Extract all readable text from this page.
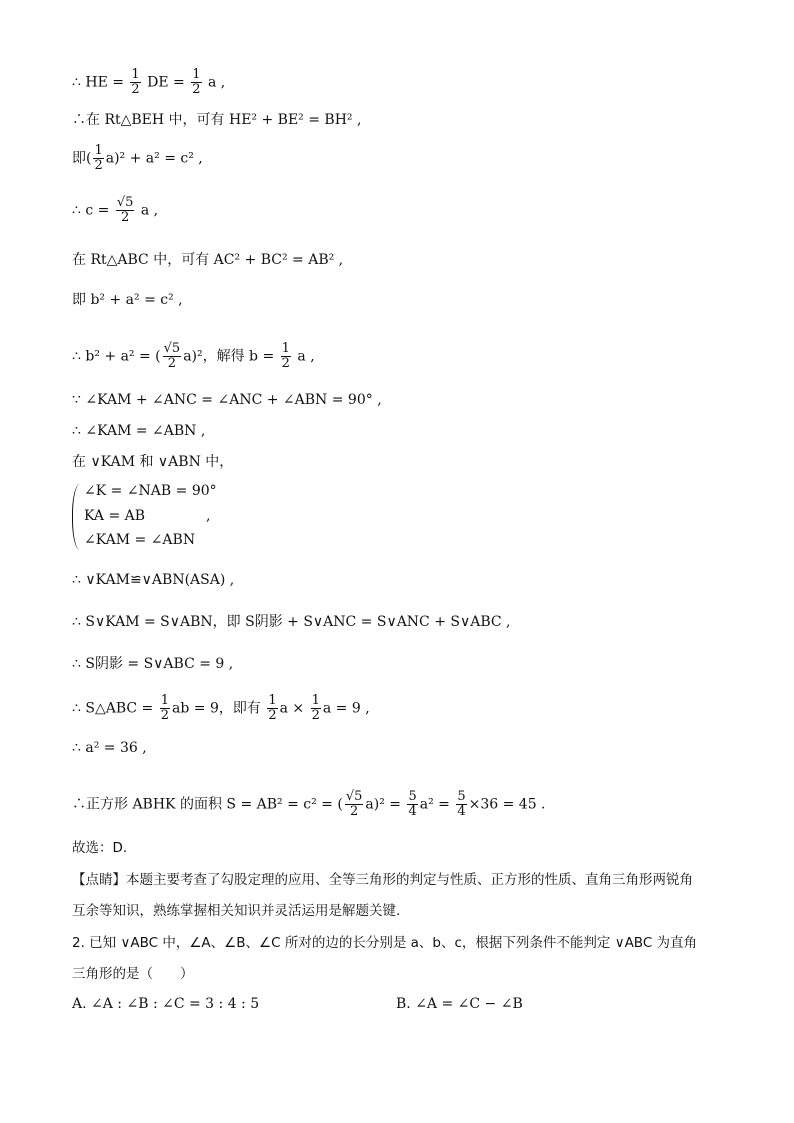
∴ HE = $\frac{1}{2}$ DE = $\frac{1}{2}$ a ,
∴在 Rt△BEH 中，可有 HE² + BE² = BH² ,
即( $\frac{1}{2} a)^2 + a^2 = c^2$ ,
∴ $c = \frac{√5}{2}$ a ,
在 Rt△ABC 中，可有 AC² + BC² = AB² ,
即 b² + a² = c² ,
∴ b² + a² = ( $\frac{√5}{2} a)^2$，解得 $b = \frac{1}{2}$ a ,
∵ ∠KAM + ∠ANC = ∠ANC + ∠ABN = 90° ,
∴ ∠KAM = ∠ABN ,
在 ∨KAM 和 ∨ABN 中，
∠K = ∠NAB = 90°
KA = AB
∠KAM = ∠ABN
,
∴ ∨KAM≌∨ABN(ASA) ,
∴ S∨KAM = S∨ABN，即 S阴影 + S∨ANC = S∨ANC + S∨ABC ,
∴ S阴影 = S∨ABC = 9 ,
∴ S△ABC = $\frac{1}{2}$ ab = 9，即有 $\frac{1}{2}$ $a \times \frac{1}{2}$ a = 9 ,
∴ a² = 36 ,
∴正方形 ABHK 的面积 S = AB² = c² = ( $\frac{√5}{2} a)^2 = \frac{5}{4} a^2 = \frac{5}{4} \times 36 = 45$ .
故选：D.
【点睛】本题主要考查了勾股定理的应用、全等三角形的判定与性质、正方形的性质、直角三角形两锐角
互余等知识，熟练掌握相关知识并灵活运用是解题关键.
2. 已知 ∨ABC 中，∠A、∠B、∠C 所对的边的长分别是 a、b、c，根据下列条件不能判定 ∨ABC 为直角
三角形的是（　　）
A. ∠A : ∠B : ∠C = 3 : 4 : 5	B. ∠A = ∠C − ∠B
